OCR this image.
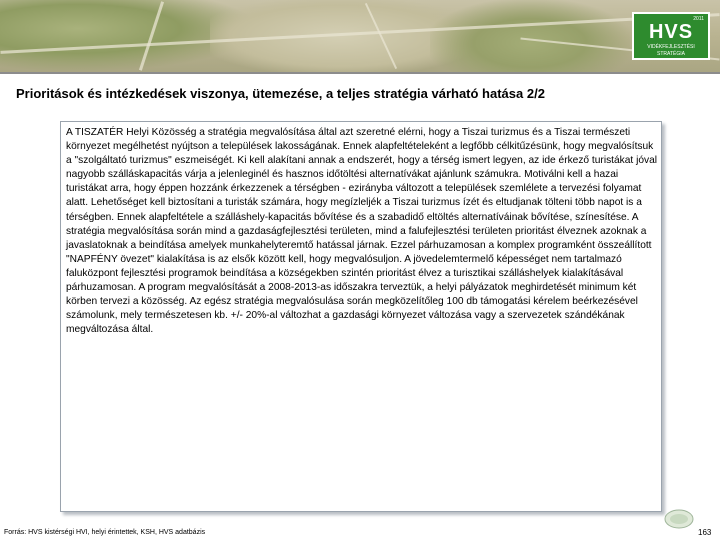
2011
HVS
VIDÉKFEJLESZTÉSI STRATÉGIA
Prioritások és intézkedések viszonya, ütemezése, a teljes stratégia várható hatása 2/2
A TISZATÉR Helyi Közösség a stratégia megvalósítása által azt szeretné elérni, hogy a Tiszai turizmus és a Tiszai természeti környezet megélhetést nyújtson a települések lakosságának. Ennek alapfeltételeként a legfőbb célkitűzésünk, hogy megvalósítsuk a "szolgáltató turizmus" eszmeiségét. Ki kell alakítani annak a endszerét, hogy a térség ismert legyen, az ide érkező turistákat jóval nagyobb szálláskapacitás várja a jelenleginél és hasznos időtöltési alternatívákat ajánlunk számukra. Motiválni kell a hazai turistákat arra, hogy éppen hozzánk érkezzenek a térségben - ezirányba változott a települések szemlélete a tervezési folyamat alatt. Lehetőséget kell biztosítani a turisták számára, hogy megízleljék a Tiszai turizmus ízét és eltudjanak tölteni több napot is a térségben. Ennek alapfeltétele a szálláshely-kapacitás bővítése és a szabadidő eltöltés alternatíváinak bővítése, színesítése. A stratégia megvalósítása során mind a gazdaságfejlesztési területen, mind a falufejlesztési területen prioritást élveznek azoknak a javaslatoknak a beindítása amelyek munkahelyteremtő hatással járnak. Ezzel párhuzamosan a komplex programként összeállított "NAPFÉNY övezet" kialakítása is az elsők között kell, hogy megvalósuljon. A jövedelemtermelő képességet nem tartalmazó faluközpont fejlesztési programok beindítása a községekben szintén prioritást élvez a turisztikai szálláshelyek kialakításával párhuzamosan. A program megvalósítását a 2008-2013-as időszakra terveztük, a helyi pályázatok meghirdetését minimum két körben tervezi a közösség. Az egész stratégia megvalósulása során megközelítőleg 100 db támogatási kérelem beérkezésével számolunk, mely természetesen kb. +/- 20%-al változhat a gazdasági környezet változása vagy a szervezetek szándékának megváltozása által.
Forrás: HVS kistérségi HVI, helyi érintettek, KSH, HVS adatbázis	163
